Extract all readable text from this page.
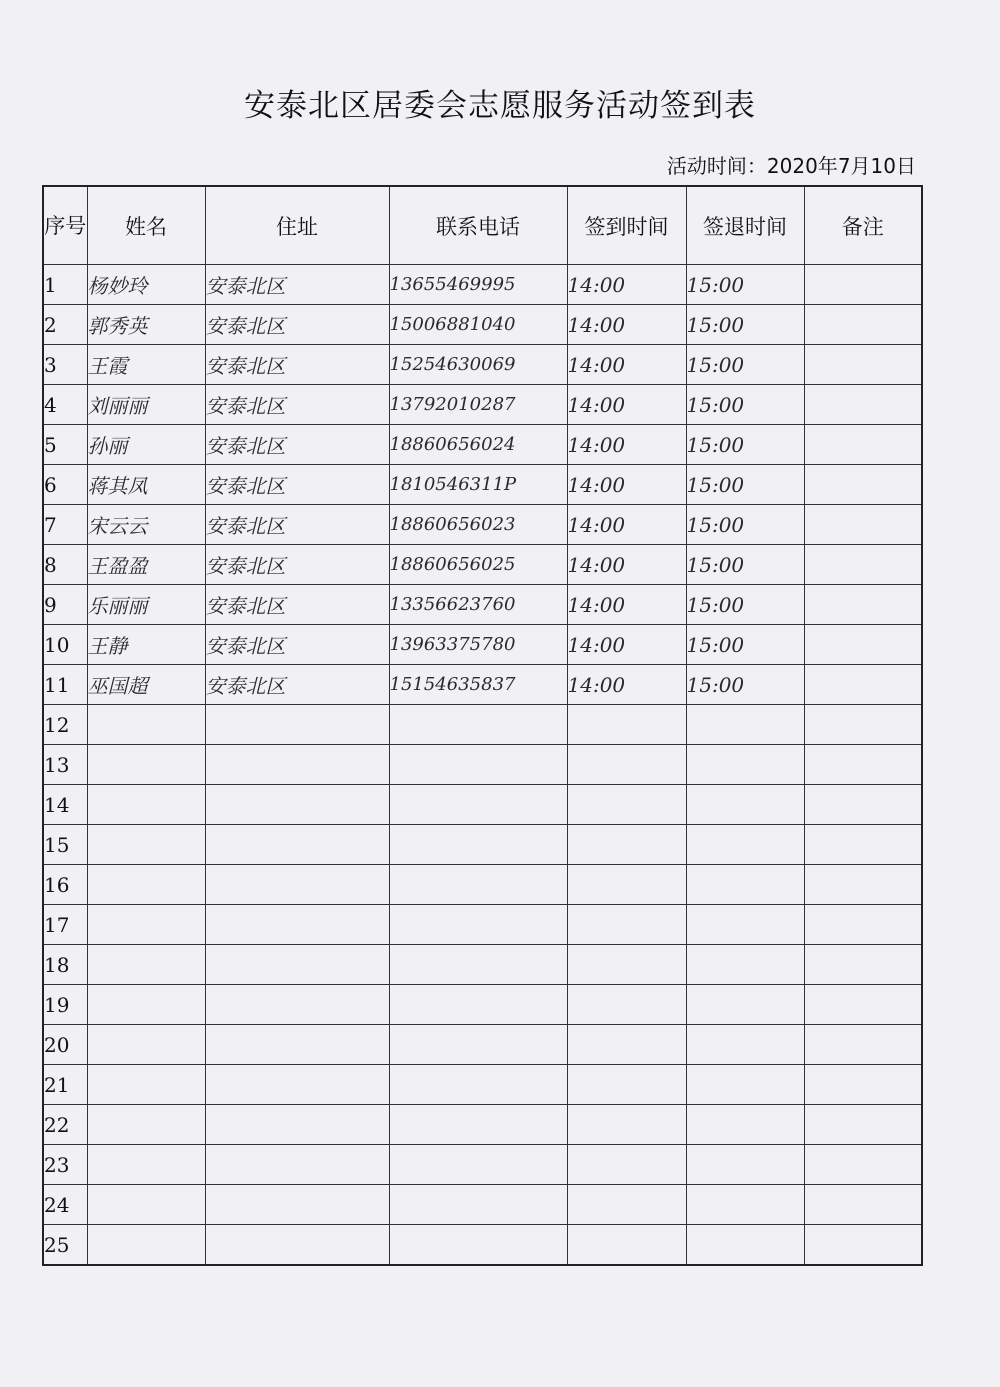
安泰北区居委会志愿服务活动签到表
活动时间：2020年7月10日
序号	姓名	住址	联系电话	签到时间	签退时间	备注
1	杨妙玲	安泰北区	13655469995	14:00	15:00	
2	郭秀英	安泰北区	15006881040	14:00	15:00	
3	王霞	安泰北区	15254630069	14:00	15:00	
4	刘丽丽	安泰北区	13792010287	14:00	15:00	
5	孙丽	安泰北区	18860656024	14:00	15:00	
6	蒋其凤	安泰北区	1810546311P	14:00	15:00	
7	宋云云	安泰北区	18860656023	14:00	15:00	
8	王盈盈	安泰北区	18860656025	14:00	15:00	
9	乐丽丽	安泰北区	13356623760	14:00	15:00	
10	王静	安泰北区	13963375780	14:00	15:00	
11	巫国超	安泰北区	15154635837	14:00	15:00	
12						
13						
14						
15						
16						
17						
18						
19						
20						
21						
22						
23						
24						
25						
